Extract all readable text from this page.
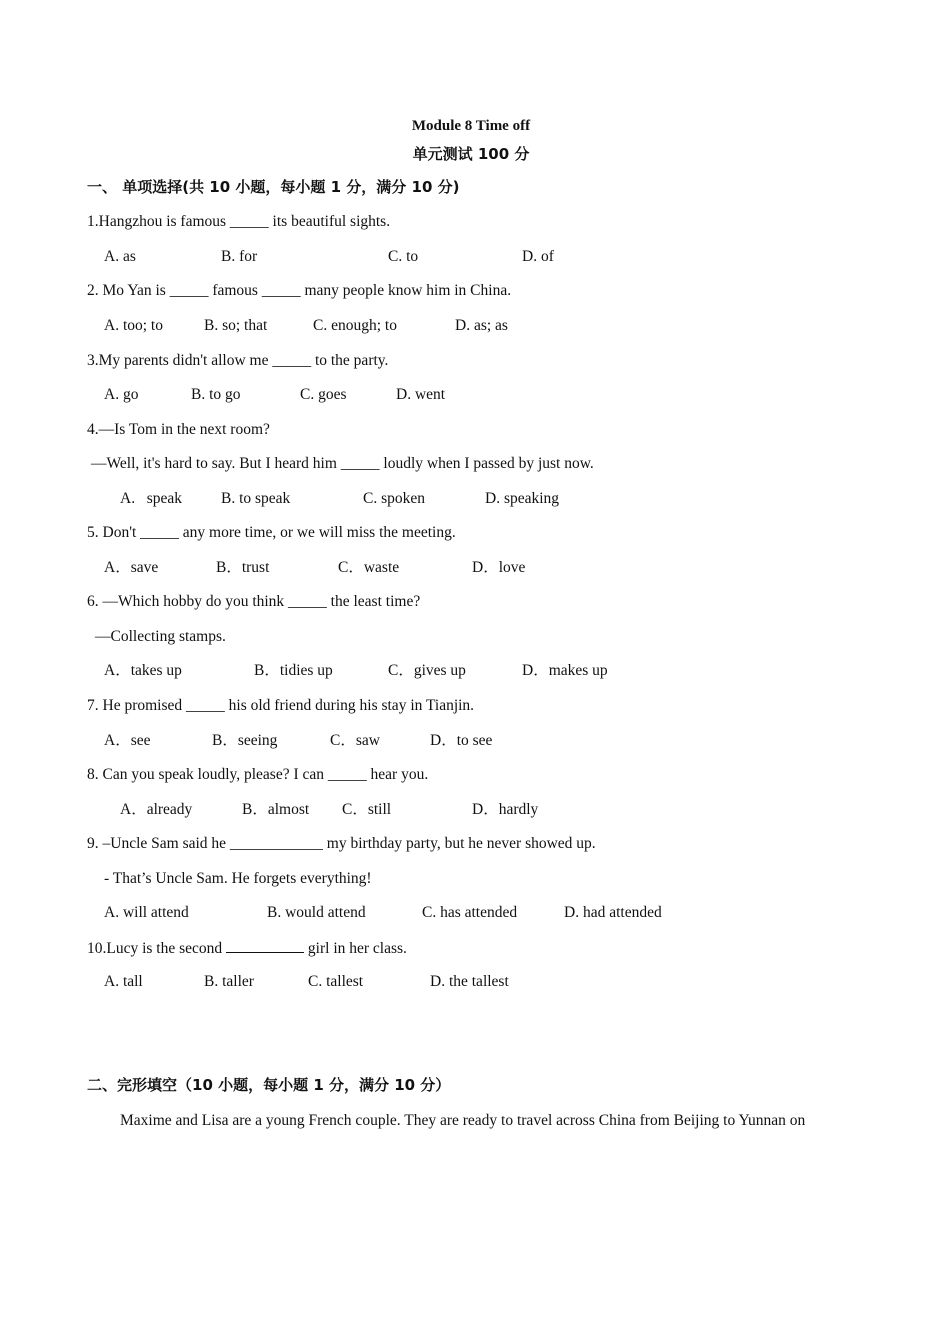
Module 8 Time off
单元测试 100 分
一、 单项选择(共 10 小题，每小题 1 分，满分 10 分)
1.Hangzhou is famous _____ its beautiful sights.
A. as	B. for	C. to	D. of
2. Mo Yan is _____ famous _____ many people know him in China.
A. too; to	B. so; that	C. enough; to	D. as; as
3.My parents didn't allow me _____ to the party.
A. go	B. to go	C. goes	D. went
4.—Is Tom in the next room?
—Well, it's hard to say. But I heard him _____ loudly when I passed by just now.
A.   speak	B. to speak	C. spoken	D. speaking
5. Don't _____ any more time, or we will miss the meeting.
A．save	B．trust	C．waste	D．love
6. —Which hobby do you think _____ the least time?
—Collecting stamps.
A．takes up	B．tidies up	C．gives up	D．makes up
7. He promised _____ his old friend during his stay in Tianjin.
A．see	B．seeing	C．saw	D．to see
8. Can you speak loudly, please? I can _____ hear you.
A．already	B．almost C．still	D．hardly
9. –Uncle Sam said he ____________ my birthday party, but he never showed up.
- That’s Uncle Sam. He forgets everything!
A. will attend	B. would attend	C. has attended	D. had attended
10.Lucy is the second	girl in her class.
A. tall	B. taller	C. tallest	D. the tallest
二、完形填空（10 小题，每小题 1 分，满分 10 分）
Maxime and Lisa are a young French couple. They are ready to travel across China from Beijing to Yunnan on
